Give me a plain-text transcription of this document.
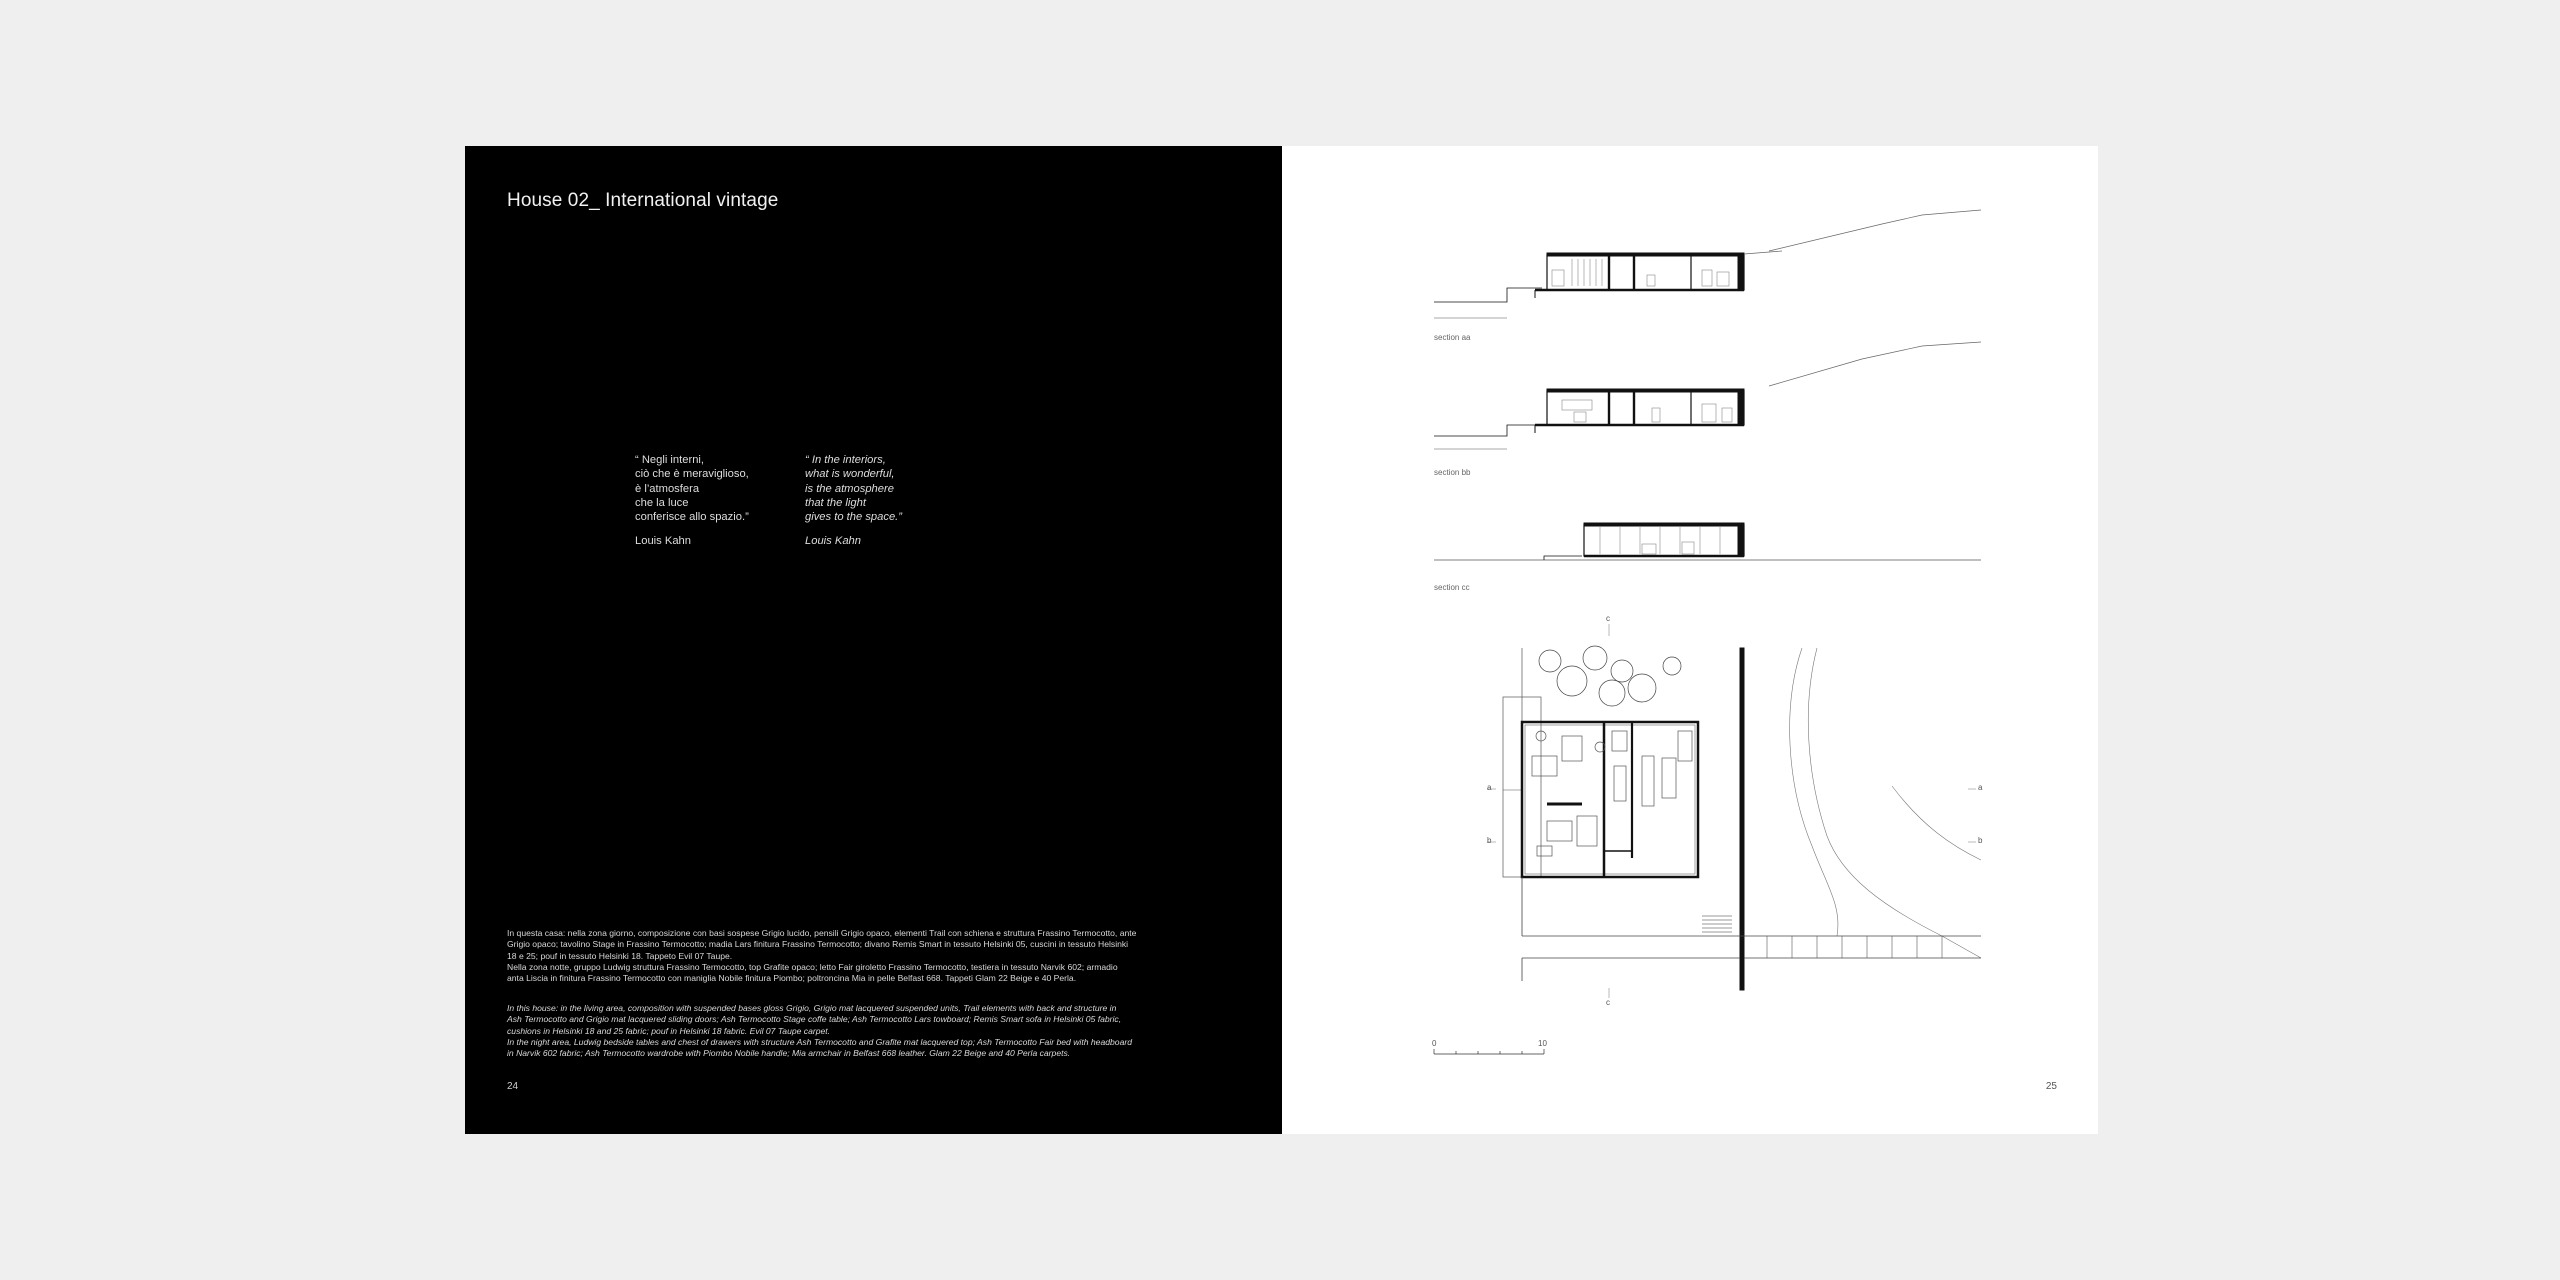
House 02_ International vintage
“ Negli interni,
ciò che è meraviglioso,
è l’atmosfera
che la luce
conferisce allo spazio.”
Louis Kahn
“ In the interiors,
what is wonderful,
is the atmosphere
that the light
gives to the space.”
Louis Kahn
In questa casa: nella zona giorno, composizione con basi sospese Grigio lucido, pensili Grigio opaco, elementi Trail con schiena e struttura Frassino Termocotto, ante
Grigio opaco; tavolino Stage in Frassino Termocotto; madia Lars finitura Frassino Termocotto; divano Remis Smart in tessuto Helsinki 05, cuscini in tessuto Helsinki
18 e 25; pouf in tessuto Helsinki 18. Tappeto Evil 07 Taupe.
Nella zona notte, gruppo Ludwig struttura Frassino Termocotto, top Grafite opaco; letto Fair giroletto Frassino Termocotto, testiera in tessuto Narvik 602; armadio
anta Liscia in finitura Frassino Termocotto con maniglia Nobile finitura Piombo; poltroncina Mia in pelle Belfast 668. Tappeti Glam 22 Beige e 40 Perla.
In this house: in the living area, composition with suspended bases gloss Grigio, Grigio mat lacquered suspended units, Trail elements with back and structure in
Ash Termocotto and Grigio mat lacquered sliding doors; Ash Termocotto Stage coffe table; Ash Termocotto Lars towboard; Remis Smart sofa in Helsinki 05 fabric,
cushions in Helsinki 18 and 25 fabric; pouf in Helsinki 18 fabric. Evil 07 Taupe carpet.
In the night area, Ludwig bedside tables and chest of drawers with structure Ash Termocotto and Grafite mat lacquered top; Ash Termocotto Fair bed with headboard
in Narvik 602 fabric; Ash Termocotto wardrobe with Piombo Nobile handle; Mia armchair in Belfast 668 leather. Glam 22 Beige and 40 Perla carpets.
24
section aa
section bb
section cc
a
b
a
b
c
c
0	10
25
